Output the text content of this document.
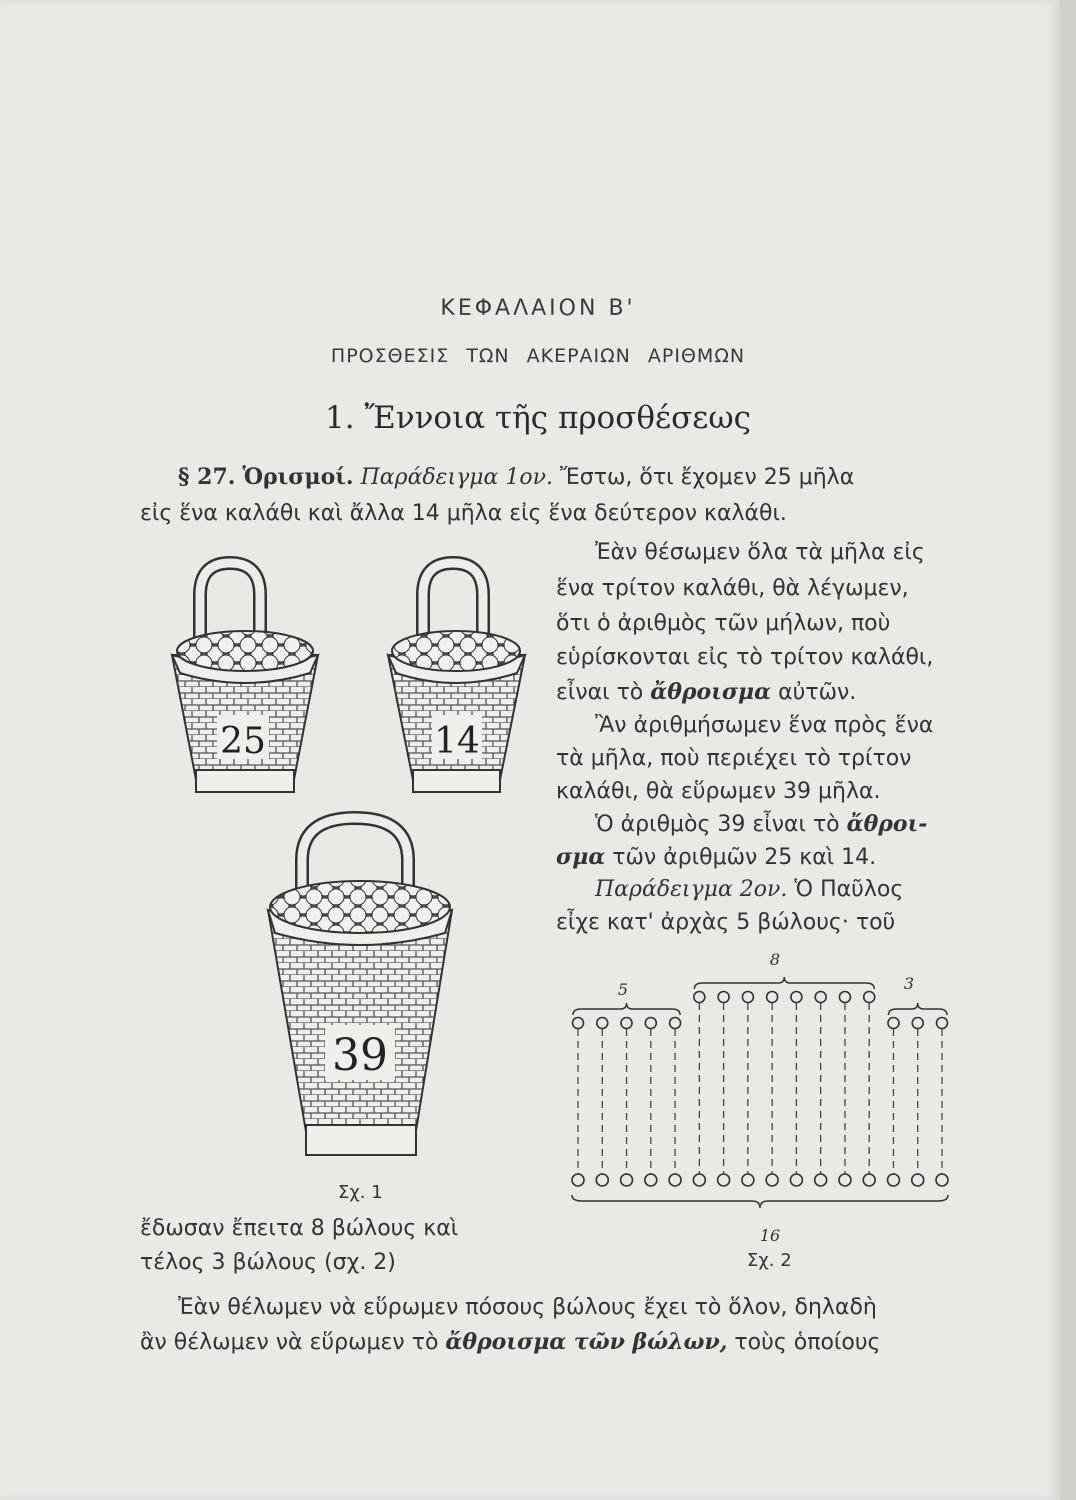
ΚΕΦΑΛΑΙΟΝ Β'
ΠΡΟΣΘΕΣΙΣ ΤΩΝ ΑΚΕΡΑΙΩΝ ΑΡΙΘΜΩΝ
1. Ἔννοια τῆς προσθέσεως
§ 27. Ὁρισμοί. Παράδειγμα 1ον. Ἔστω, ὅτι ἔχομεν 25 μῆλα
εἰς ἕνα καλάθι καὶ ἄλλα 14 μῆλα εἰς ἕνα δεύτερον καλάθι.
Ἐὰν θέσωμεν ὅλα τὰ μῆλα εἰς
ἕνα τρίτον καλάθι, θὰ λέγωμεν,
ὅτι ὁ ἀριθμὸς τῶν μήλων, ποὺ
εὑρίσκονται εἰς τὸ τρίτον καλάθι,
εἶναι τὸ ἄθροισμα αὐτῶν.
Ἂν ἀριθμήσωμεν ἕνα πρὸς ἕνα
τὰ μῆλα, ποὺ περιέχει τὸ τρίτον
καλάθι, θὰ εὕρωμεν 39 μῆλα.
Ὁ ἀριθμὸς 39 εἶναι τὸ ἄθροι-
σμα τῶν ἀριθμῶν 25 καὶ 14.
Παράδειγμα 2ον. Ὁ Παῦλος
εἶχε κατ' ἀρχὰς 5 βώλους· τοῦ
25	14
39
Σχ. 1
8
5	3
16
Σχ. 2
ἔδωσαν ἔπειτα 8 βώλους καὶ
τέλος 3 βώλους (σχ. 2)
Ἐὰν θέλωμεν νὰ εὕρωμεν πόσους βώλους ἔχει τὸ ὅλον, δηλαδὴ
ἂν θέλωμεν νὰ εὕρωμεν τὸ ἄθροισμα τῶν βώλων, τοὺς ὁποίους
